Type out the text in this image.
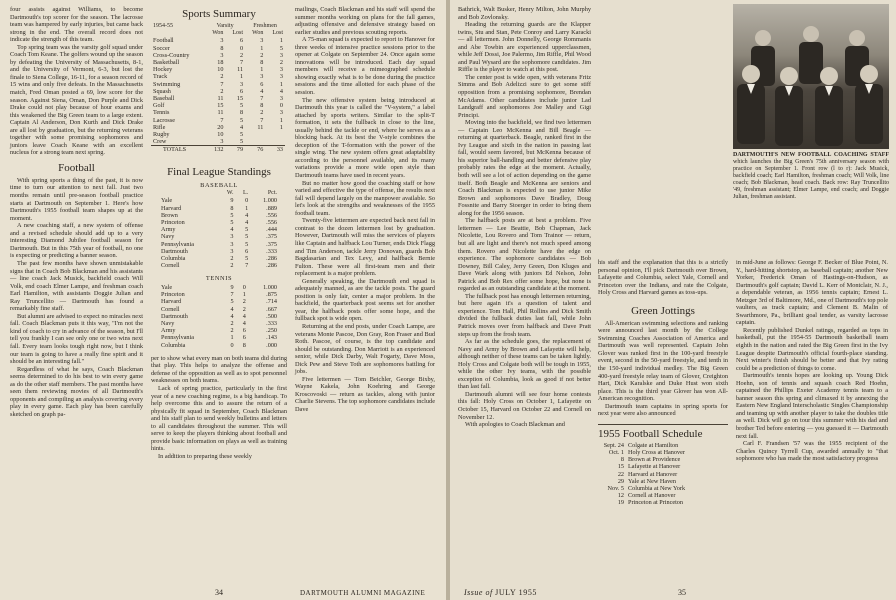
four assists against Williams, to become Dartmouth's top scorer for the season. The lacrosse team was hampered by early injuries, but came back strong in the end. The overall record does not indicate the strength of this team.

Top spring team was the varsity golf squad under Coach Tom Keane. The golfers wound up the season by defeating the University of Massachusetts, 8-1, and the University of Vermont, 6-3, but lost the finale to Siena College, 16-11, for a season record of 15 wins and only five defeats. In the Massachusetts match, Fred Oman posted a 69, low score for the season. Against Siena, Oman, Don Purple and Dick Drake could not play because of hour exams and this weakened the Big Green team to a large extent. Captain Al Anderson, Don Kurth and Dick Drake are all lost by graduation, but the returning veterans together with some promising sophomores and juniors leave Coach Keane with an excellent nucleus for a strong team next spring.

Football

With spring sports a thing of the past, it is now time to turn our attention to next fall. Just two months remain until pre-season football practice starts at Dartmouth on September 1. Here's how Dartmouth's 1955 football team shapes up at the moment.

A new coaching staff, a new system of offense and a revised schedule should add up to a very interesting Diamond Jubilee football season for Dartmouth. But in this 75th year of football, no one is expecting or predicting a banner season.

The past few months have shown unmistakable signs that in Coach Bob Blackman and his assistants — line coach Jack Musick, backfield coach Will Volk, end coach Elmer Lampe, and freshman coach Earl Hamilton, with assistants Doggie Julian and Ray Truncellito — Dartmouth has found a remarkably fine staff.

But alumni are advised to expect no miracles next fall. Coach Blackman puts it this way, "I'm not the kind of coach to cry in advance of the season, but I'll tell you frankly I can see only one or two wins next fall. Every team looks tough right now, but I think our team is going to have a really fine spirit and it should be an interesting fall."

Regardless of what he says, Coach Blackman seems determined to do his best to win every game as do the other staff members. The past months have seen them reviewing movies of all Dartmouth's opponents and compiling an analysis covering every play in every game. Each play has been carefully sketched on graph pa-

Sports Summary
1954-55	Varsity		Freshmen	
	Won	Lost	Won	Lost
Football	3	6	3	1
Soccer	8	0	1	5
Cross-Country	3	2	2	3
Basketball	18	7	8	2
Hockey	10	11	1	3
Track	2	1	3	3
Swimming	7	3	6	1
Squash	2	6	4	4
Baseball	11	15	7	3
Golf	15	5	8	0
Tennis	11	8	2	3
Lacrosse	7	5	7	1
Rifle	20	4	11	1
Rugby	10	5		
Crew	3	5		
TOTALS	132	79	76	33
Final League Standings
BASEBALL
	W.	L.	Pct.
Yale	9	0	1.000
Harvard	8	1	.889
Brown	5	4	.556
Princeton	5	4	.556
Army	4	5	.444
Navy	3	5	.375
Pennsylvania	3	5	.375
Dartmouth	3	6	.333
Columbia	2	5	.286
Cornell	2	7	.286
TENNIS
Yale	9	0	1.000
Princeton	7	1	.875
Harvard	5	2	.714
Cornell	4	2	.667
Dartmouth	4	4	.500
Navy	2	4	.333
Army	2	6	.250
Pennsylvania	1	6	.143
Columbia	0	8	.000

per to show what every man on both teams did during that play. This helps to analyze the offense and defense of the opposition as well as to spot personnel weaknesses on both teams.

Lack of spring practice, particularly in the first year of a new coaching regime, is a big handicap. To help overcome this and to assure the return of a physically fit squad in September, Coach Blackman and his staff plan to send weekly bulletins and letters to all candidates throughout the summer. This will serve to keep the players thinking about football and provide basic information on plays as well as training hints.

In addition to preparing these weekly

mailings, Coach Blackman and his staff will spend the summer months working on plans for the fall games, adjusting offensive and defensive strategy based on earlier studies and previous scouting reports.

A 75-man squad is expected to report to Hanover for three weeks of intensive practice sessions prior to the opener at Colgate on September 24. Once again some innovations will be introduced. Each day squad members will receive a mimeographed schedule showing exactly what is to be done during the practice sessions and the time allotted for each phase of the session.

The new offensive system being introduced at Dartmouth this year is called the "V-system," a label attached by sports writers. Similar to the split-T formation, it sets the fullback in close to the line, usually behind the tackle or end, where he serves as a blocking back. At its best the V-style combines the deception of the T-formation with the power of the single wing. The new system offers great adaptability according to the personnel available, and its many variations provide a more wide open style than Dartmouth teams have used in recent years.

But no matter how good the coaching staff or how varied and effective the type of offense, the results next fall will depend largely on the manpower available. So let's look at the strengths and weaknesses of the 1955 football team.

Twenty-five lettermen are expected back next fall in contrast to the dozen lettermen lost by graduation. However, Dartmouth will miss the services of players like Captain and halfback Lou Turner, ends Dick Flagg and Tim Anderson, tackle Jerry Donovan, guards Bob Bagdasarian and Tex Levy, and halfback Bernie Fulton. These were all first-team men and their replacement is a major problem.

Generally speaking, the Dartmouth end squad is adequately manned, as are the tackle posts. The guard position is only fair, center a major problem. In the backfield, the quarterback post seems set for another year, the halfback posts offer some hope, and the fullback spot is wide open.

Returning at the end posts, under Coach Lampe, are veterans Monte Pascoe, Don Gray, Ron Fraser and Bud Roth. Pascoe, of course, is the top candidate and should be outstanding. Don Marriott is an experienced senior, while Dick Darby, Walt Fogarty, Dave Moss, Dick Pew and Steve Toth are sophomores battling for jobs.

Five lettermen — Tom Beichler, George Bixby, Wayne Kakela, John Koehring and George Kroscovoski — return as tackles, along with junior Charlie Stevens. The top sophomore candidates include Dave

34	DARTMOUTH ALUMNI MAGAZINE

Bathrick, Walt Busker, Henry Milton, John Murphy and Bob Zovlonsky.

Heading the returning guards are the Klapper twins, Stu and Stan, Pete Conroy and Larry Karacki — all lettermen. John Donnelly, George Rommanis and Abe Towbin are experienced upperclassmen, while Jeff Dossi, Joe Palermo, Jim Riffle, Phil Wood and Paul Wysard are the sophomore candidates. Jim Riffle is the player to watch at this post.

The center post is wide open, with veterans Fritz Simms and Bob Adelizzi sure to get some stiff opposition from a promising sophomore, Brendan McAdams. Other candidates include junior Lad Landgraff and sophomores Joe Malley and Gigi Principi.

Moving into the backfield, we find two lettermen — Captain Leo McKenna and Bill Beagle — returning at quarterback. Beagle, ranked first in the Ivy League and sixth in the nation in passing last fall, would seem favored, but McKenna because of his superior ball-handling and better defensive play probably rates the edge at the moment. Actually, both will see a lot of action depending on the game itself. Both Beagle and McKenna are seniors and Coach Blackman is expected to use junior Mike Brown and sophomores Dave Bradley, Doug Fossnite and Barry Stoerger in order to bring them along for the 1956 season.

The halfback posts are at best a problem. Five lettermen — Lee Beattie, Bob Chapman, Jack Nicolette, Lou Rovero and Tom Trainor — return, but all are light and there's not much speed among them. Rovero and Nicolette have the edge on experience. The sophomore candidates — Bob Downey, Bill Caley, Jerry Green, Don Kluges and Dave Wark along with juniors Ed Nelson, John Patrick and Bob Rex offer some hope, but none is regarded as an outstanding candidate at the moment.

The fullback post has enough lettermen returning, but here again it's a question of talent and experience. Tom Hall, Phil Rollins and Dick Smith divided the fullback duties last fall, while John Patrick moves over from halfback and Dave Pratt steps up from the frosh team.

As far as the schedule goes, the replacement of Navy and Army by Brown and Lafayette will help, although neither of these teams can be taken lightly. Holy Cross and Colgate both will be tough in 1955, while the other Ivy teams, with the possible exception of Columbia, look as good if not better than last fall.

Dartmouth alumni will see four home contests this fall: Holy Cross on October 1, Lafayette on October 15, Harvard on October 22 and Cornell on November 12.

With apologies to Coach Blackman and

his staff and the explanation that this is a strictly personal opinion, I'll pick Dartmouth over Brown, Lafayette and Columbia, select Yale, Cornell and Princeton over the Indians, and rate the Colgate, Holy Cross and Harvard games as toss-ups.

Green Jottings

All-American swimming selections and ranking were announced last month by the College Swimming Coaches Association of America and Dartmouth was well represented. Captain John Glover was ranked first in the 100-yard freestyle event, second in the 50-yard freestyle, and tenth in the 150-yard individual medley. The Big Green 400-yard freestyle relay team of Glover, Creighton Hart, Dick Karalske and Duke Hust won sixth place. This is the third year Glover has won All-American recognition.

Dartmouth team captains in spring sports for next year were also announced

1955 Football Schedule
Sept. 24	Colgate at Hamilton
Oct. 1	Holy Cross at Hanover
8	Brown at Providence
15	Lafayette at Hanover
22	Harvard at Hanover
29	Yale at New Haven
Nov. 5	Columbia at New York
12	Cornell at Hanover
19	Princeton at Princeton
DARTMOUTH'S NEW FOOTBALL COACHING STAFF which launches the Big Green's 75th anniversary season with practice on September 1. Front row (l to r): Jack Musick, backfield coach; Earl Hamilton, freshman coach; Will Volk, line coach; Bob Blackman, head coach. Back row: Ray Truncellito '49, freshman assistant; Elmer Lampe, end coach; and Doggie Julian, freshman assistant.

in mid-June as follows: George F. Becker of Blue Point, N. Y., hard-hitting shortstop, as baseball captain; another New Yorker, Frederick Oman of Hastings-on-Hudson, as Dartmouth's golf captain; David L. Kerr of Montclair, N. J., a dependable veteran, as 1956 tennis captain; Ernest L. Metzger 3rd of Baltimore, Md., one of Dartmouth's top pole vaulters, as track captain; and Clement B. Malin of Swarthmore, Pa., brilliant goal tender, as varsity lacrosse captain.

Recently published Dunkel ratings, regarded as tops in basketball, put the 1954-55 Dartmouth basketball team eighth in the nation and rated the Big Green first in the Ivy League despite Dartmouth's official fourth-place standing. Next winter's finish should be better and that Ivy rating could be a prediction of things to come.

Dartmouth's tennis hopes are looking up. Young Dick Hoehn, son of tennis and squash coach Red Hoehn, captained the Phillips Exeter Academy tennis team to a banner season this spring and climaxed it by annexing the Eastern New England Interscholastic Singles Championship and teaming up with another player to take the doubles title as well. Dick will go on tour this summer with his dad and brother Ted before entering — you guessed it — Dartmouth next fall.

Carl F. Frandsen '57 was the 1955 recipient of the Charles Quincy Tyrrell Cup, awarded annually to "that sophomore who has made the most satisfactory progress

Issue of JULY 1955	35
